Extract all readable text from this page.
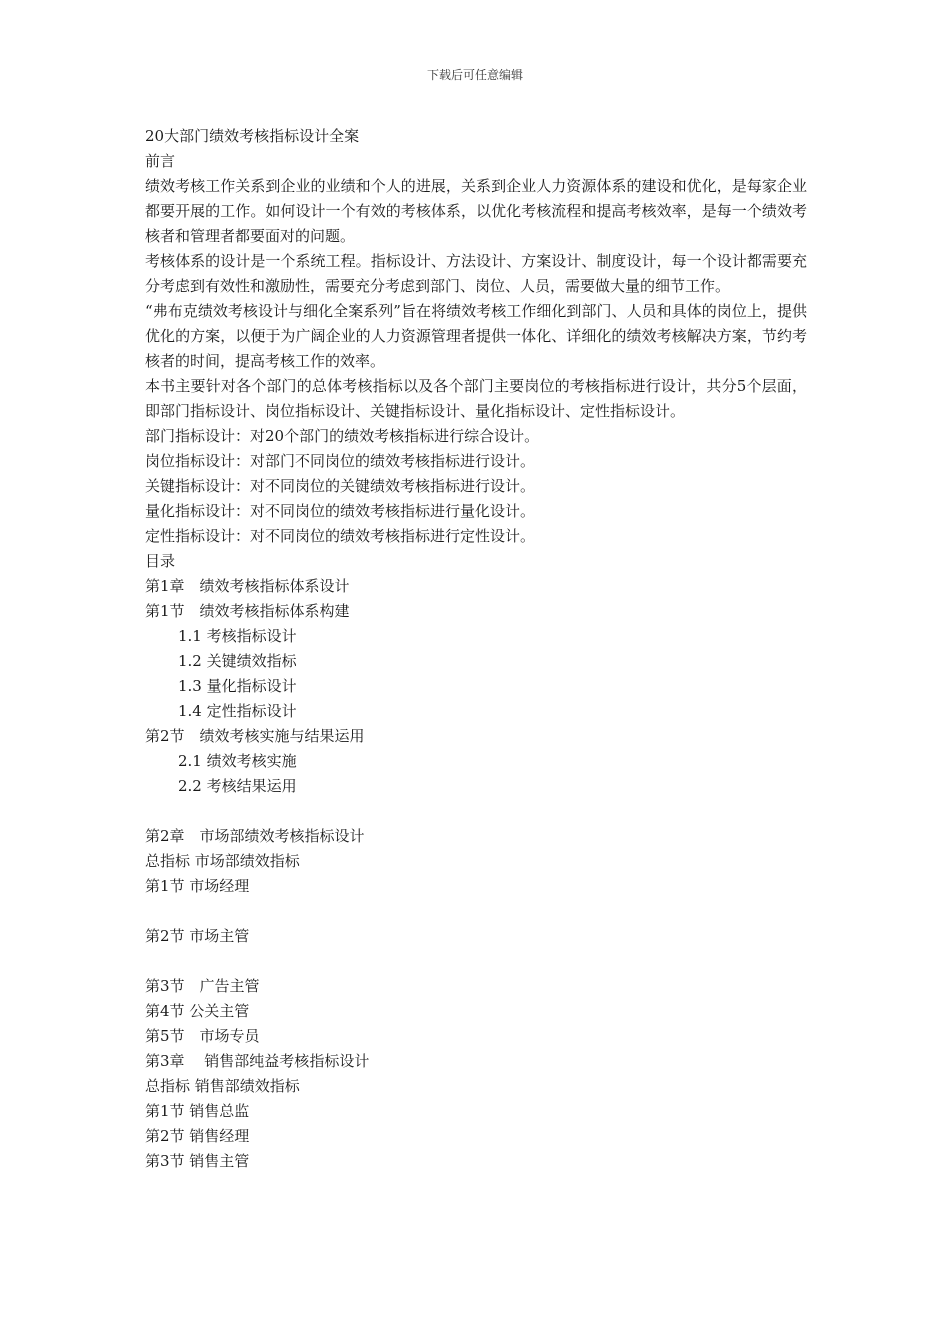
下载后可任意编辑

20大部门绩效考核指标设计全案

前言

绩效考核工作关系到企业的业绩和个人的进展，关系到企业人力资源体系的建设和优化，是每家企业都要开展的工作。如何设计一个有效的考核体系，以优化考核流程和提高考核效率，是每一个绩效考核者和管理者都要面对的问题。

考核体系的设计是一个系统工程。指标设计、方法设计、方案设计、制度设计，每一个设计都需要充分考虑到有效性和激励性，需要充分考虑到部门、岗位、人员，需要做大量的细节工作。

“弗布克绩效考核设计与细化全案系列”旨在将绩效考核工作细化到部门、人员和具体的岗位上，提供优化的方案，以便于为广阔企业的人力资源管理者提供一体化、详细化的绩效考核解决方案，节约考核者的时间，提高考核工作的效率。

本书主要针对各个部门的总体考核指标以及各个部门主要岗位的考核指标进行设计，共分5个层面，即部门指标设计、岗位指标设计、关键指标设计、量化指标设计、定性指标设计。

部门指标设计：对20个部门的绩效考核指标进行综合设计。

岗位指标设计：对部门不同岗位的绩效考核指标进行设计。

关键指标设计：对不同岗位的关键绩效考核指标进行设计。

量化指标设计：对不同岗位的绩效考核指标进行量化设计。

定性指标设计：对不同岗位的绩效考核指标进行定性设计。

目录

第1章　绩效考核指标体系设计

第1节　绩效考核指标体系构建

1.1 考核指标设计

1.2 关键绩效指标

1.3 量化指标设计

1.4 定性指标设计

第2节　绩效考核实施与结果运用

2.1 绩效考核实施

2.2 考核结果运用

第2章　市场部绩效考核指标设计

总指标 市场部绩效指标

第1节 市场经理

第2节 市场主管

第3节　广告主管

第4节 公关主管

第5节　市场专员

第3章　 销售部纯益考核指标设计

总指标 销售部绩效指标

第1节 销售总监

第2节 销售经理

第3节 销售主管
